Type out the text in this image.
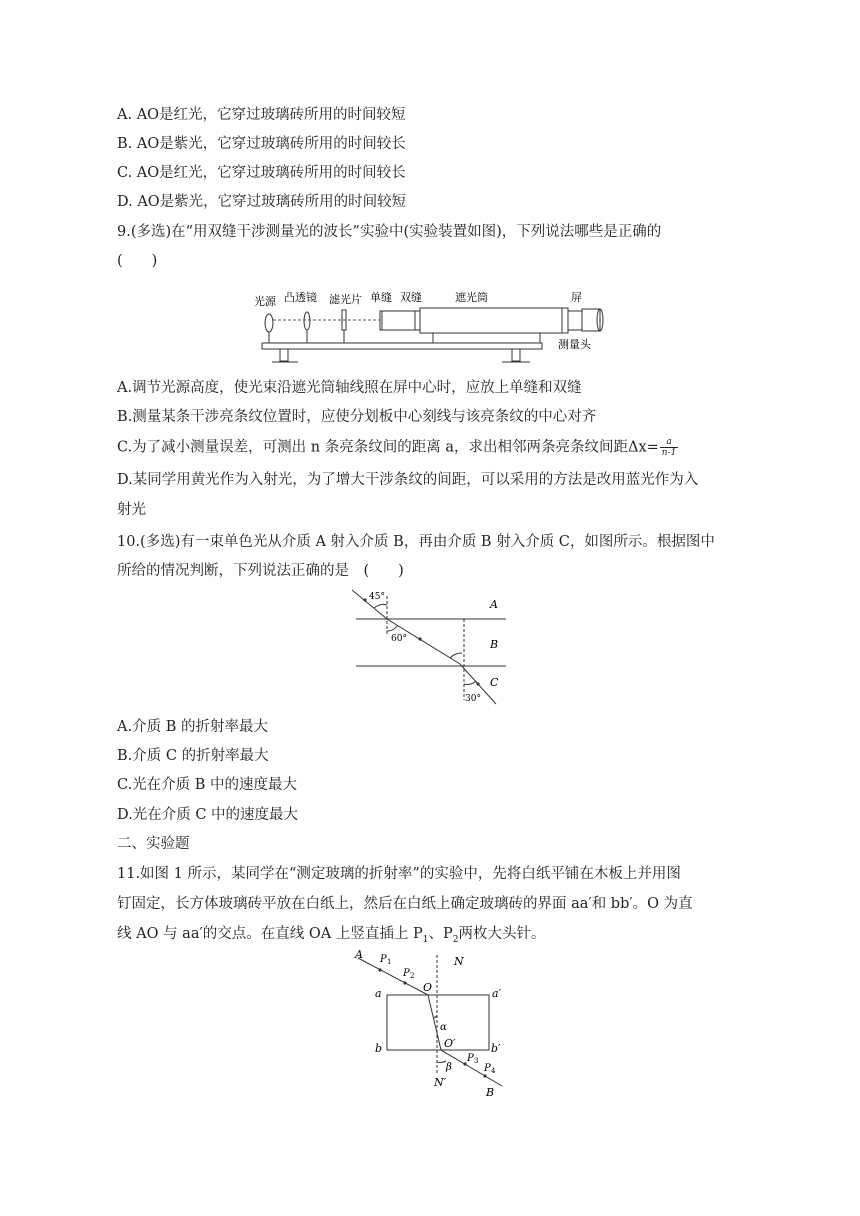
A. AO是红光，它穿过玻璃砖所用的时间较短
B. AO是紫光，它穿过玻璃砖所用的时间较长
C. AO是红光，它穿过玻璃砖所用的时间较长
D. AO是紫光，它穿过玻璃砖所用的时间较短
9.(多选)在“用双缝干涉测量光的波长”实验中(实验装置如图)，下列说法哪些是正确的
(　　)
光源 凸透镜 滤光片 单缝 双缝	遮光筒	屏
测量头
A.调节光源高度，使光束沿遮光筒轴线照在屏中心时，应放上单缝和双缝
B.测量某条干涉亮条纹位置时，应使分划板中心刻线与该亮条纹的中心对齐
C.为了减小测量误差，可测出 n 条亮条纹间的距离 a，求出相邻两条亮条纹间距$\Delta x= \frac{a}{n-1}$
D.某同学用黄光作为入射光，为了增大干涉条纹的间距，可以采用的方法是改用蓝光作为入
射光
10.(多选)有一束单色光从介质 A 射入介质 B，再由介质 B 射入介质 C，如图所示。根据图中
所给的情况判断，下列说法正确的是　(　　)
45°
60°
30°
A
B
C
A.介质 B 的折射率最大
B.介质 C 的折射率最大
C.光在介质 B 中的速度最大
D.光在介质 C 中的速度最大
二、实验题
11.如图 1 所示，某同学在“测定玻璃的折射率”的实验中，先将白纸平铺在木板上并用图
钉固定，长方体玻璃砖平放在白纸上，然后在白纸上确定玻璃砖的界面 aa′和 bb′。O 为直
线 AO 与 aa′的交点。在直线 OA 上竖直插上 $P_1$、$P_2$两枚大头针。
A P 1
P 2
O
N
a	a′
α
b	O′	b′
P 3
P 4
β
N′
B
